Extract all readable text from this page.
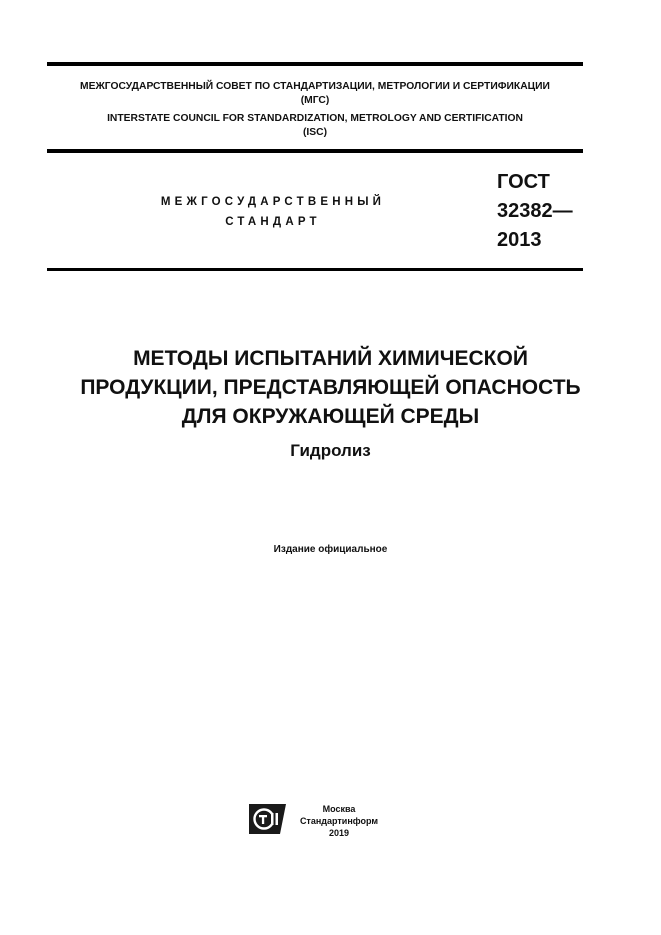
МЕЖГОСУДАРСТВЕННЫЙ СОВЕТ ПО СТАНДАРТИЗАЦИИ, МЕТРОЛОГИИ И СЕРТИФИКАЦИИ
(МГС)
INTERSTATE COUNCIL FOR STANDARDIZATION, METROLOGY AND CERTIFICATION
(ISC)
МЕЖГОСУДАРСТВЕННЫЙ
СТАНДАРТ
ГОСТ
32382—
2013
МЕТОДЫ ИСПЫТАНИЙ ХИМИЧЕСКОЙ
ПРОДУКЦИИ, ПРЕДСТАВЛЯЮЩЕЙ ОПАСНОСТЬ
ДЛЯ ОКРУЖАЮЩЕЙ СРЕДЫ
Гидролиз
Издание официальное
Москва
Стандартинформ
2019
